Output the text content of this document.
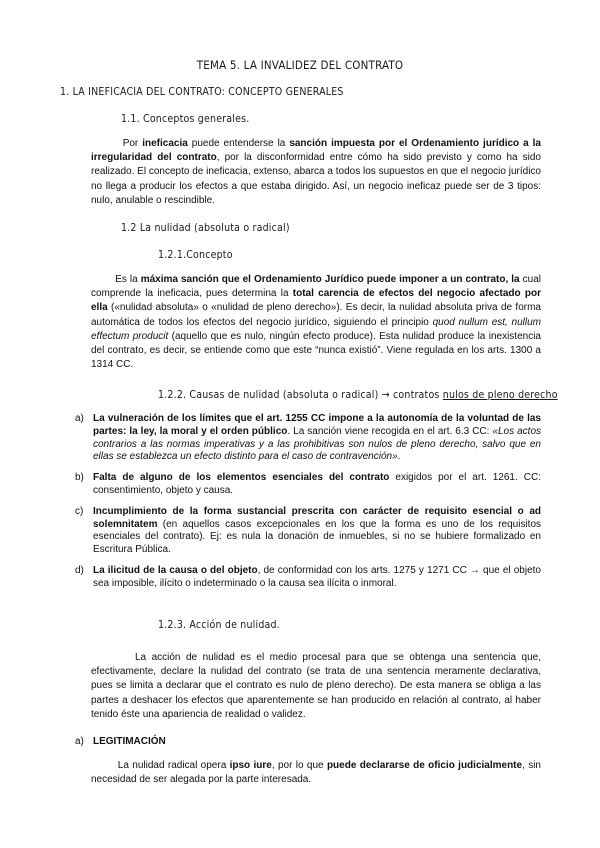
TEMA 5. LA INVALIDEZ DEL CONTRATO
1. LA INEFICACIA DEL CONTRATO: CONCEPTO GENERALES
1.1. Conceptos generales.

Por ineficacia puede entenderse la sanción impuesta por el Ordenamiento jurídico a la irregularidad del contrato, por la disconformidad entre cómo ha sido previsto y como ha sido realizado. El concepto de ineficacia, extenso, abarca a todos los supuestos en que el negocio jurídico no llega a producir los efectos a que estaba dirigido. Así, un negocio ineficaz puede ser de 3 tipos: nulo, anulable o rescindible.

1.2 La nulidad (absoluta o radical)
1.2.1.Concepto

Es la máxima sanción que el Ordenamiento Jurídico puede imponer a un contrato, la cual comprende la ineficacia, pues determina la total carencia de efectos del negocio afectado por ella («nulidad absoluta» o «nulidad de pleno derecho»). Es decir, la nulidad absoluta priva de forma automática de todos los efectos del negocio jurídico, siguiendo el principio quod nullum est, nullum effectum producit (aquello que es nulo, ningún efecto produce). Esta nulidad produce la inexistencia del contrato, es decir, se entiende como que este “nunca existió”. Viene regulada en los arts. 1300 a 1314 CC.

1.2.2. Causas de nulidad (absoluta o radical) → contratos nulos de pleno derecho
a) La vulneración de los límites que el art. 1255 CC impone a la autonomía de la voluntad de las partes: la ley, la moral y el orden público. La sanción viene recogida en el art. 6.3 CC: «Los actos contrarios a las normas imperativas y a las prohibitivas son nulos de pleno derecho, salvo que en ellas se establezca un efecto distinto para el caso de contravención».
b) Falta de alguno de los elementos esenciales del contrato exigidos por el art. 1261. CC: consentimiento, objeto y causa.
c) Incumplimiento de la forma sustancial prescrita con carácter de requisito esencial o ad solemnitatem (en aquellos casos excepcionales en los que la forma es uno de los requisitos esenciales del contrato). Ej: es nula la donación de inmuebles, si no se hubiere formalizado en Escritura Pública.
d) La ilicitud de la causa o del objeto, de conformidad con los arts. 1275 y 1271 CC → que el objeto sea imposible, ilícito o indeterminado o la causa sea ilícita o inmoral.
1.2.3. Acción de nulidad.

La acción de nulidad es el medio procesal para que se obtenga una sentencia que, efectivamente, declare la nulidad del contrato (se trata de una sentencia meramente declarativa, pues se limita a declarar que el contrato es nulo de pleno derecho). De esta manera se obliga a las partes a deshacer los efectos que aparentemente se han producido en relación al contrato, al haber tenido éste una apariencia de realidad o validez.

a) LEGITIMACIÓN

La nulidad radical opera ipso iure, por lo que puede declararse de oficio judicialmente, sin necesidad de ser alegada por la parte interesada.
